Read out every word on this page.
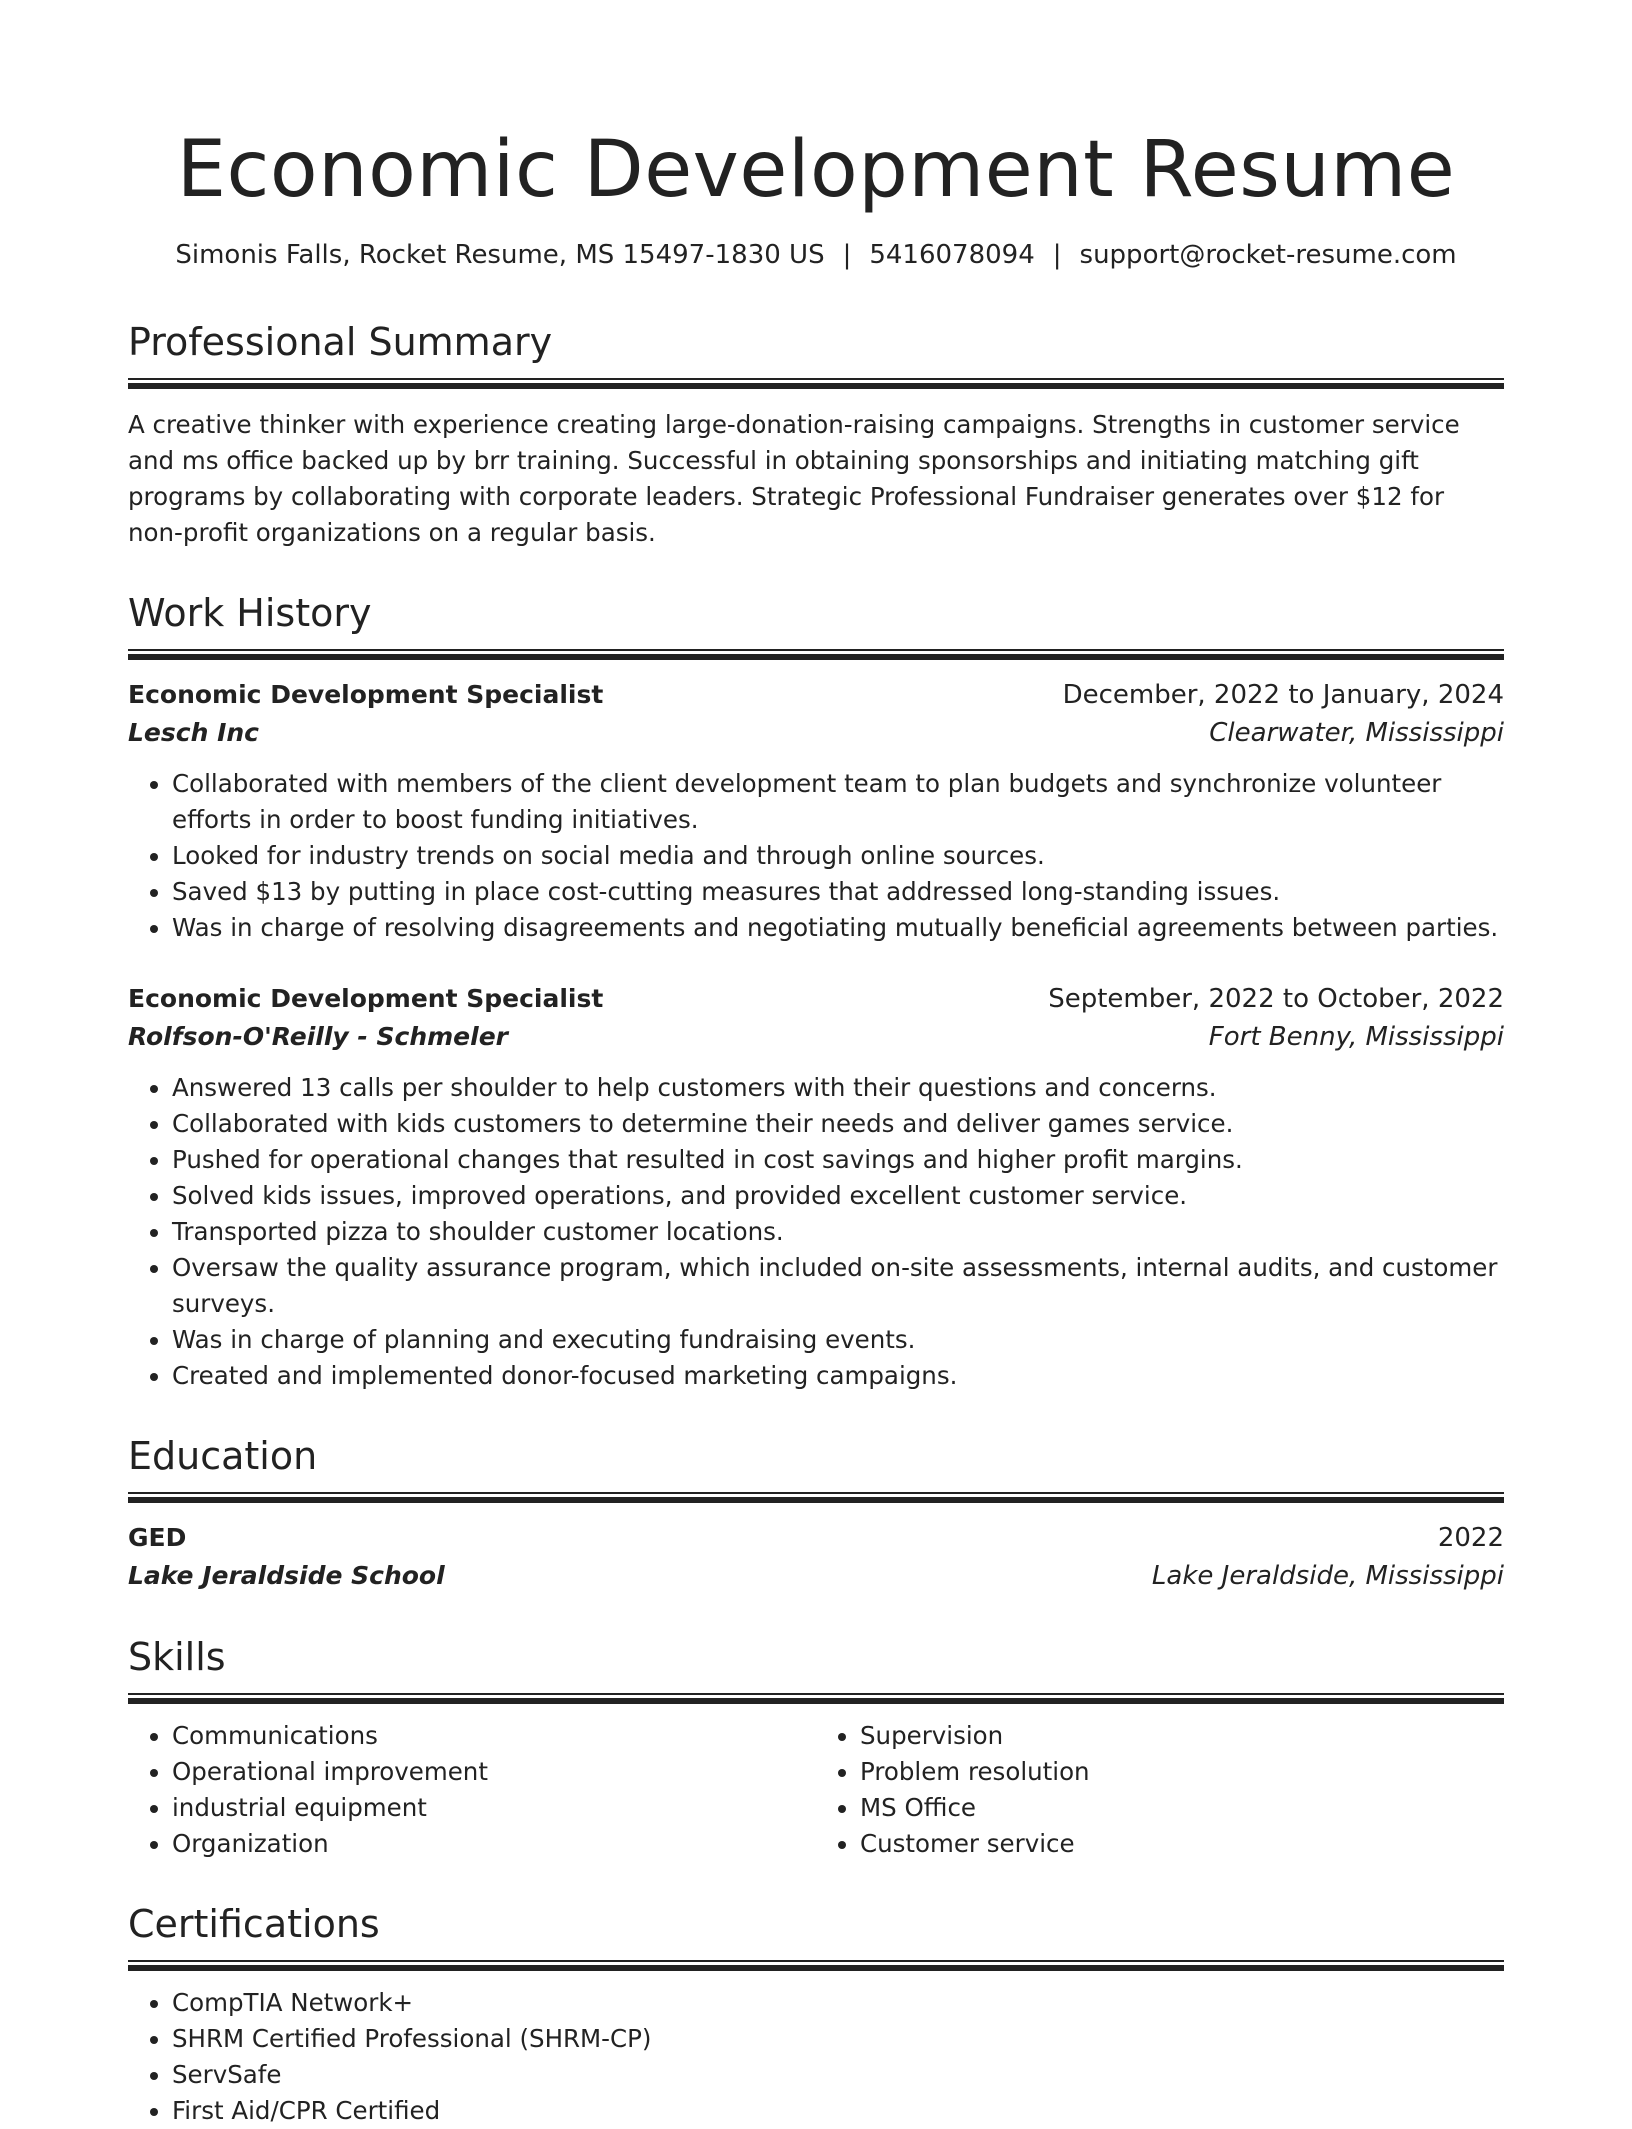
Economic Development Resume
Simonis Falls, Rocket Resume, MS 15497-1830 US | 5416078094 | support@rocket-resume.com
Professional Summary

A creative thinker with experience creating large-donation-raising campaigns. Strengths in customer service and ms office backed up by brr training. Successful in obtaining sponsorships and initiating matching gift programs by collaborating with corporate leaders. Strategic Professional Fundraiser generates over $12 for non-profit organizations on a regular basis.

Work History
Economic Development Specialist	December, 2022 to January, 2024
Lesch Inc	Clearwater, Mississippi
• Collaborated with members of the client development team to plan budgets and synchronize volunteer efforts in order to boost funding initiatives.
• Looked for industry trends on social media and through online sources.
• Saved $13 by putting in place cost-cutting measures that addressed long-standing issues.
• Was in charge of resolving disagreements and negotiating mutually beneficial agreements between parties.
Economic Development Specialist	September, 2022 to October, 2022
Rolfson-O'Reilly - Schmeler	Fort Benny, Mississippi
• Answered 13 calls per shoulder to help customers with their questions and concerns.
• Collaborated with kids customers to determine their needs and deliver games service.
• Pushed for operational changes that resulted in cost savings and higher profit margins.
• Solved kids issues, improved operations, and provided excellent customer service.
• Transported pizza to shoulder customer locations.
• Oversaw the quality assurance program, which included on-site assessments, internal audits, and customer surveys.
• Was in charge of planning and executing fundraising events.
• Created and implemented donor-focused marketing campaigns.
Education
GED	2022
Lake Jeraldside School	Lake Jeraldside, Mississippi
Skills
• Communications
• Operational improvement
• industrial equipment
• Organization
• Supervision
• Problem resolution
• MS Office
• Customer service
Certifications
• CompTIA Network+
• SHRM Certified Professional (SHRM-CP)
• ServSafe
• First Aid/CPR Certified
